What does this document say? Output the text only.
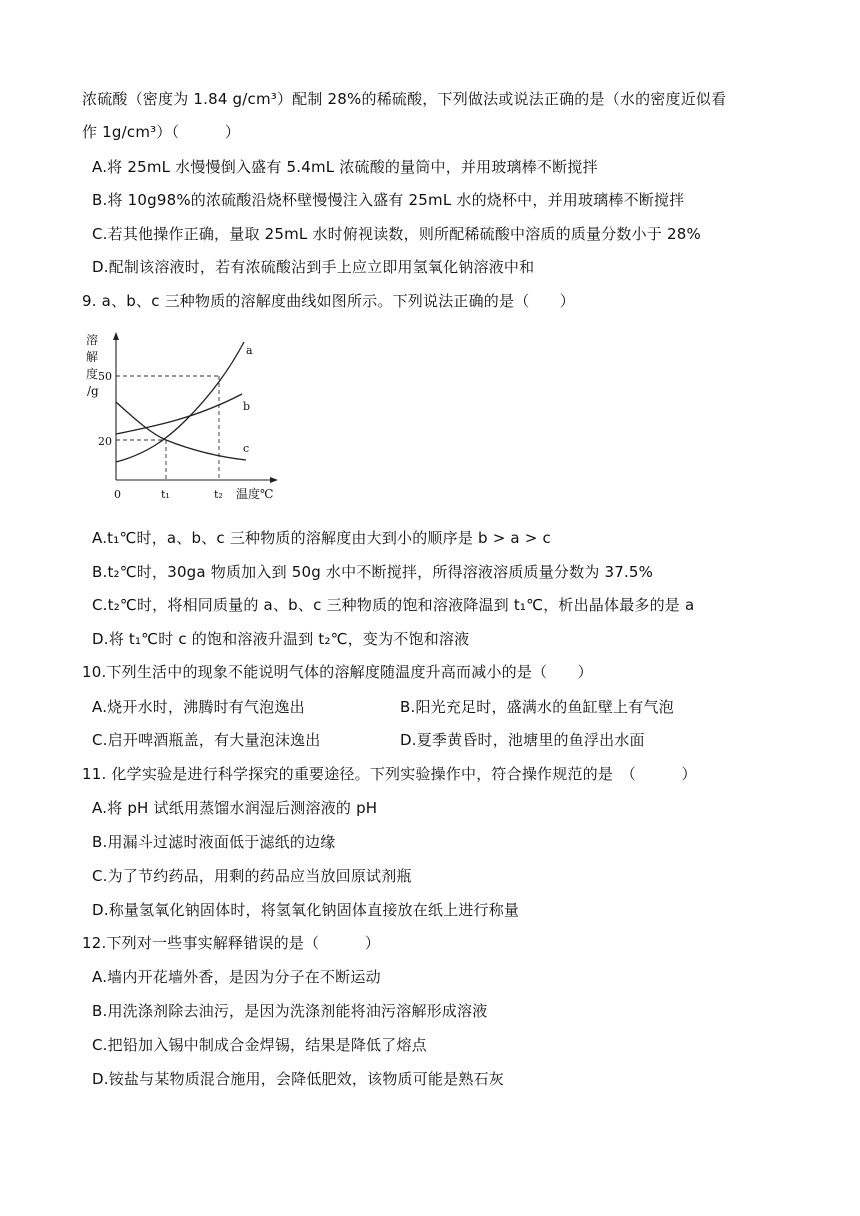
浓硫酸（密度为 1.84 g/cm³）配制 28%的稀硫酸，下列做法或说法正确的是（水的密度近似看
作 1g/cm³）（　　　）
A.将 25mL 水慢慢倒入盛有 5.4mL 浓硫酸的量筒中，并用玻璃棒不断搅拌
B.将 10g98%的浓硫酸沿烧杯壁慢慢注入盛有 25mL 水的烧杯中，并用玻璃棒不断搅拌
C.若其他操作正确，量取 25mL 水时俯视读数，则所配稀硫酸中溶质的质量分数小于 28%
D.配制该溶液时，若有浓硫酸沾到手上应立即用氢氧化钠溶液中和
9. a、b、c 三种物质的溶解度曲线如图所示。下列说法正确的是（　　）
溶
解
度
/g
50
20
a
b
c
0	t₁	t₂ 温度℃
A.t₁℃时，a、b、c 三种物质的溶解度由大到小的顺序是 b > a > c
B.t₂℃时，30ga 物质加入到 50g 水中不断搅拌，所得溶液溶质质量分数为 37.5%
C.t₂℃时，将相同质量的 a、b、c 三种物质的饱和溶液降温到 t₁℃，析出晶体最多的是 a
D.将 t₁℃时 c 的饱和溶液升温到 t₂℃，变为不饱和溶液
10.下列生活中的现象不能说明气体的溶解度随温度升高而减小的是（　　）
A.烧开水时，沸腾时有气泡逸出	B.阳光充足时，盛满水的鱼缸壁上有气泡
C.启开啤酒瓶盖，有大量泡沫逸出	D.夏季黄昏时，池塘里的鱼浮出水面
11. 化学实验是进行科学探究的重要途径。下列实验操作中，符合操作规范的是　（　　　）
A.将 pH 试纸用蒸馏水润湿后测溶液的 pH
B.用漏斗过滤时液面低于滤纸的边缘
C.为了节约药品，用剩的药品应当放回原试剂瓶
D.称量氢氧化钠固体时，将氢氧化钠固体直接放在纸上进行称量
12.下列对一些事实解释错误的是（　　　）
A.墙内开花墙外香，是因为分子在不断运动
B.用洗涤剂除去油污，是因为洗涤剂能将油污溶解形成溶液
C.把铅加入锡中制成合金焊锡，结果是降低了熔点
D.铵盐与某物质混合施用，会降低肥效，该物质可能是熟石灰
